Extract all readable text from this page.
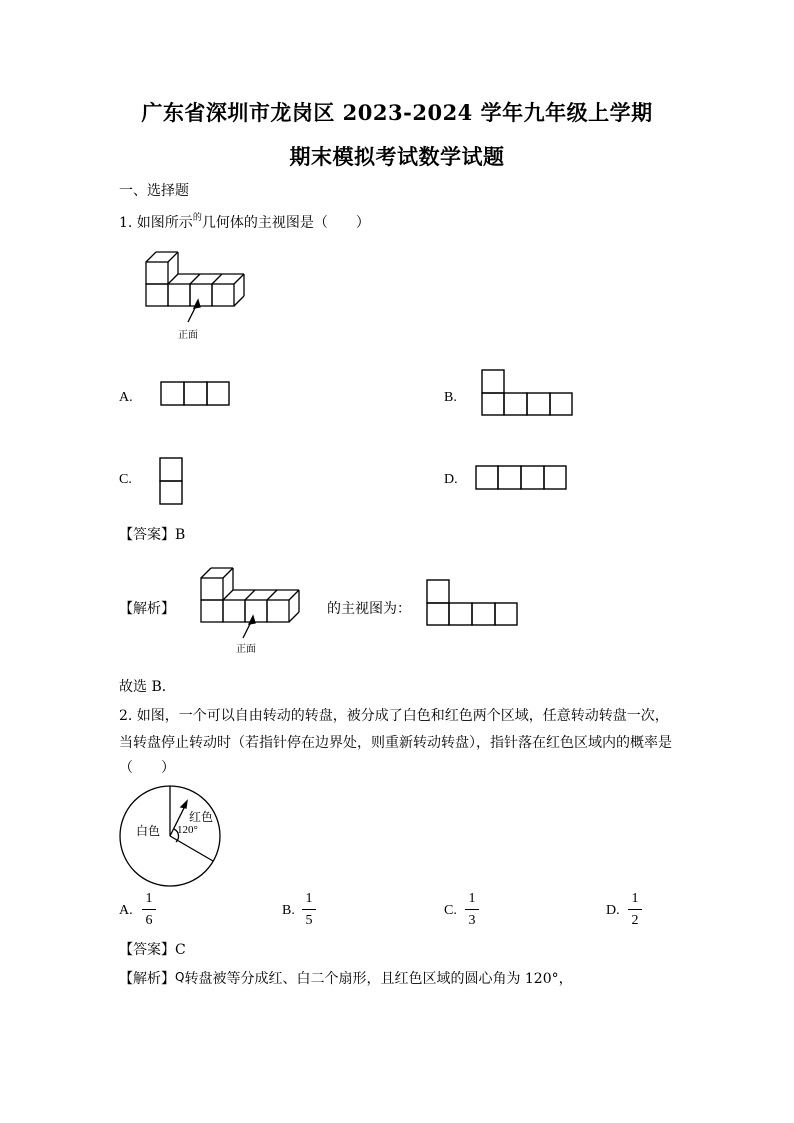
广东省深圳市龙岗区 2023-2024 学年九年级上学期
期末模拟考试数学试题
一、选择题
1. 如图所示$^的$几何体的主视图是（　　）
正面
A.	B.
C.	D.
【答案】B
【解析】
正面
的主视图为：
故选 B．
2. 如图，一个可以自由转动的转盘，被分成了白色和红色两个区域，任意转动转盘一次，
当转盘停止转动时（若指针停在边界处，则重新转动转盘），指针落在红色区域内的概率是
（　　）
白色
红色
120°
A.
1
6
B.
1
5
C.
1
3
D.
1
2
【答案】C
【解析】Q转盘被等分成红、白二个扇形，且红色区域的圆心角为 120°，
